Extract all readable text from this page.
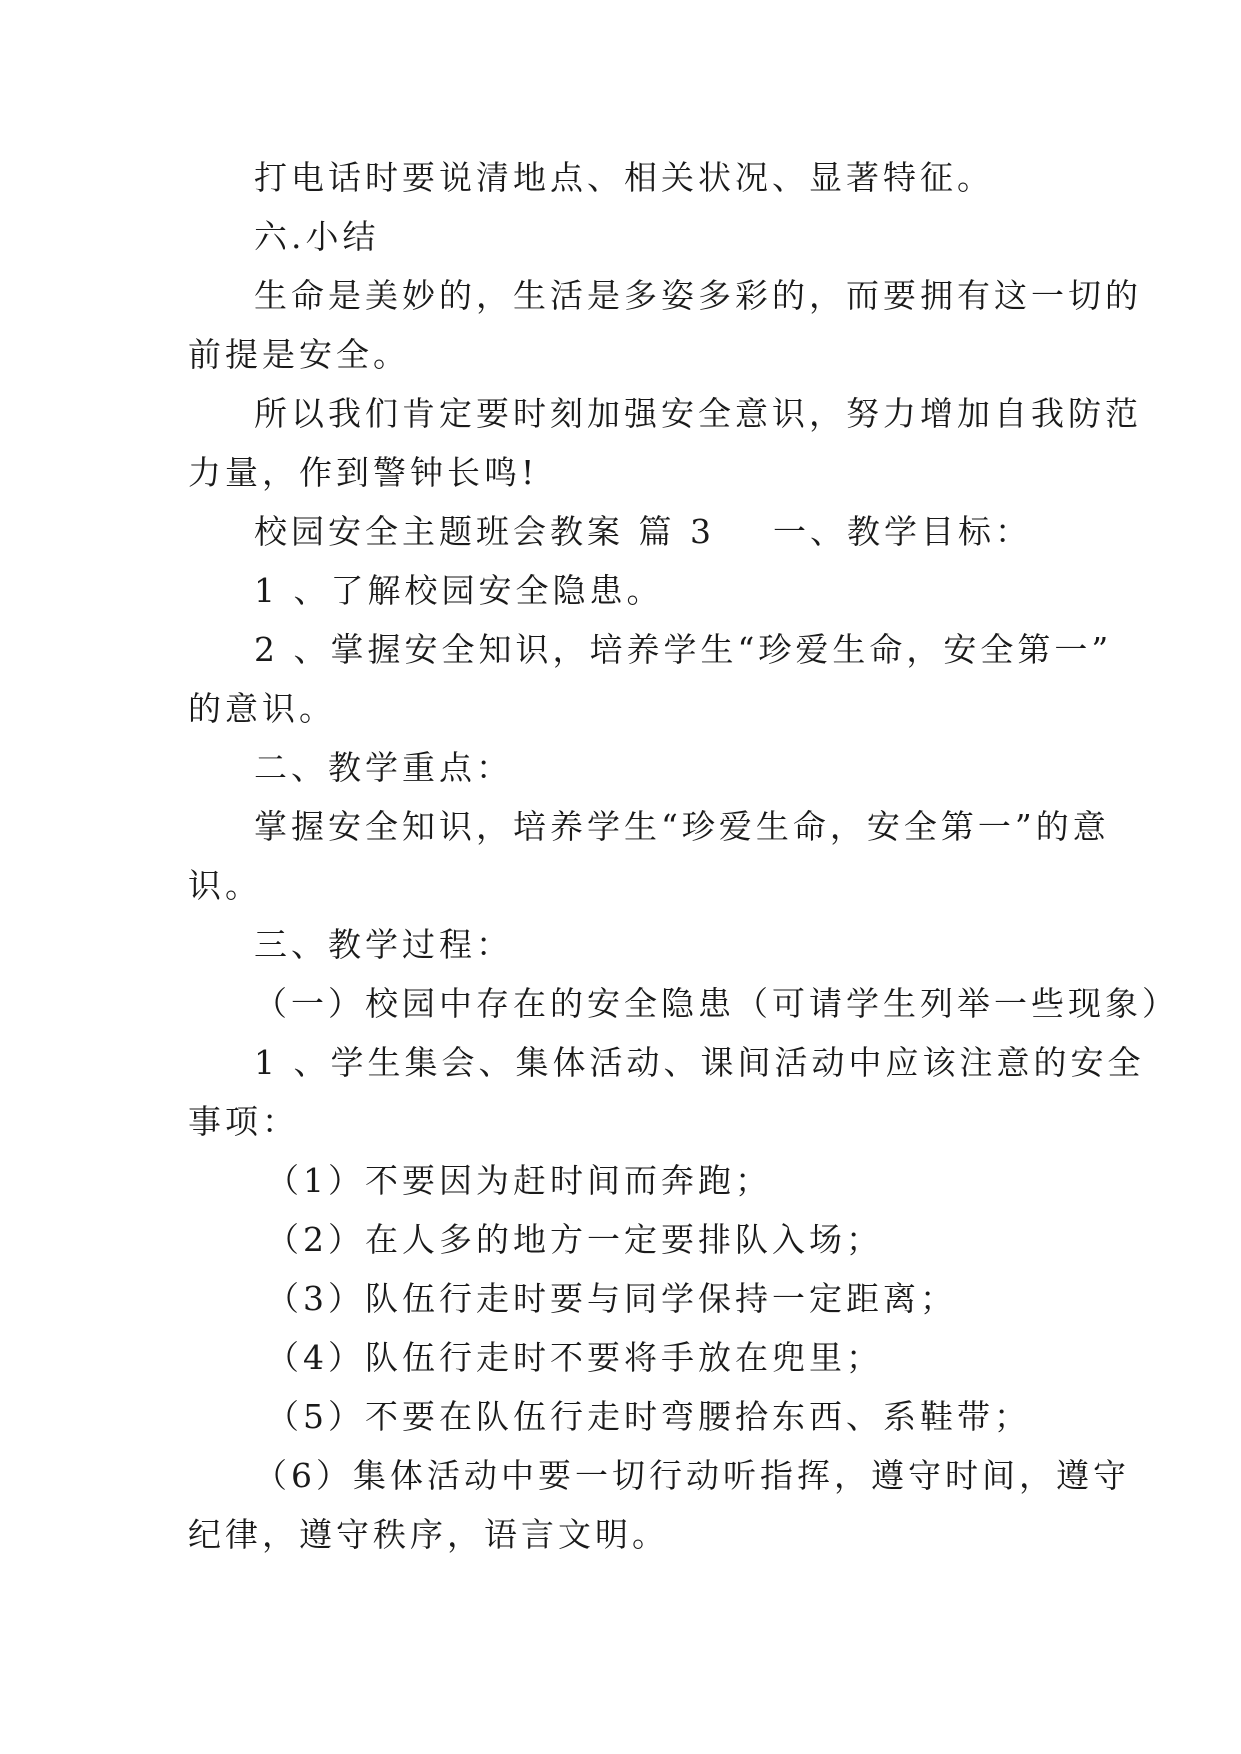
打电话时要说清地点、相关状况、显著特征。
六.小结
生命是美妙的，生活是多姿多彩的，而要拥有这一切的
前提是安全。
所以我们肯定要时刻加强安全意识，努力增加自我防范
力量，作到警钟长鸣!
校园安全主题班会教案 篇 3 一、教学目标：
1 、了解校园安全隐患。
2 、掌握安全知识，培养学生“珍爱生命，安全第一”
的意识。
二、教学重点：
掌握安全知识，培养学生“珍爱生命，安全第一”的意
识。
三、教学过程：
（一）校园中存在的安全隐患（可请学生列举一些现象）
1 、学生集会、集体活动、课间活动中应该注意的安全
事项：
（1）不要因为赶时间而奔跑；
（2）在人多的地方一定要排队入场；
（3）队伍行走时要与同学保持一定距离；
（4）队伍行走时不要将手放在兜里；
（5）不要在队伍行走时弯腰拾东西、系鞋带；
（6）集体活动中要一切行动听指挥，遵守时间，遵守
纪律，遵守秩序，语言文明。
